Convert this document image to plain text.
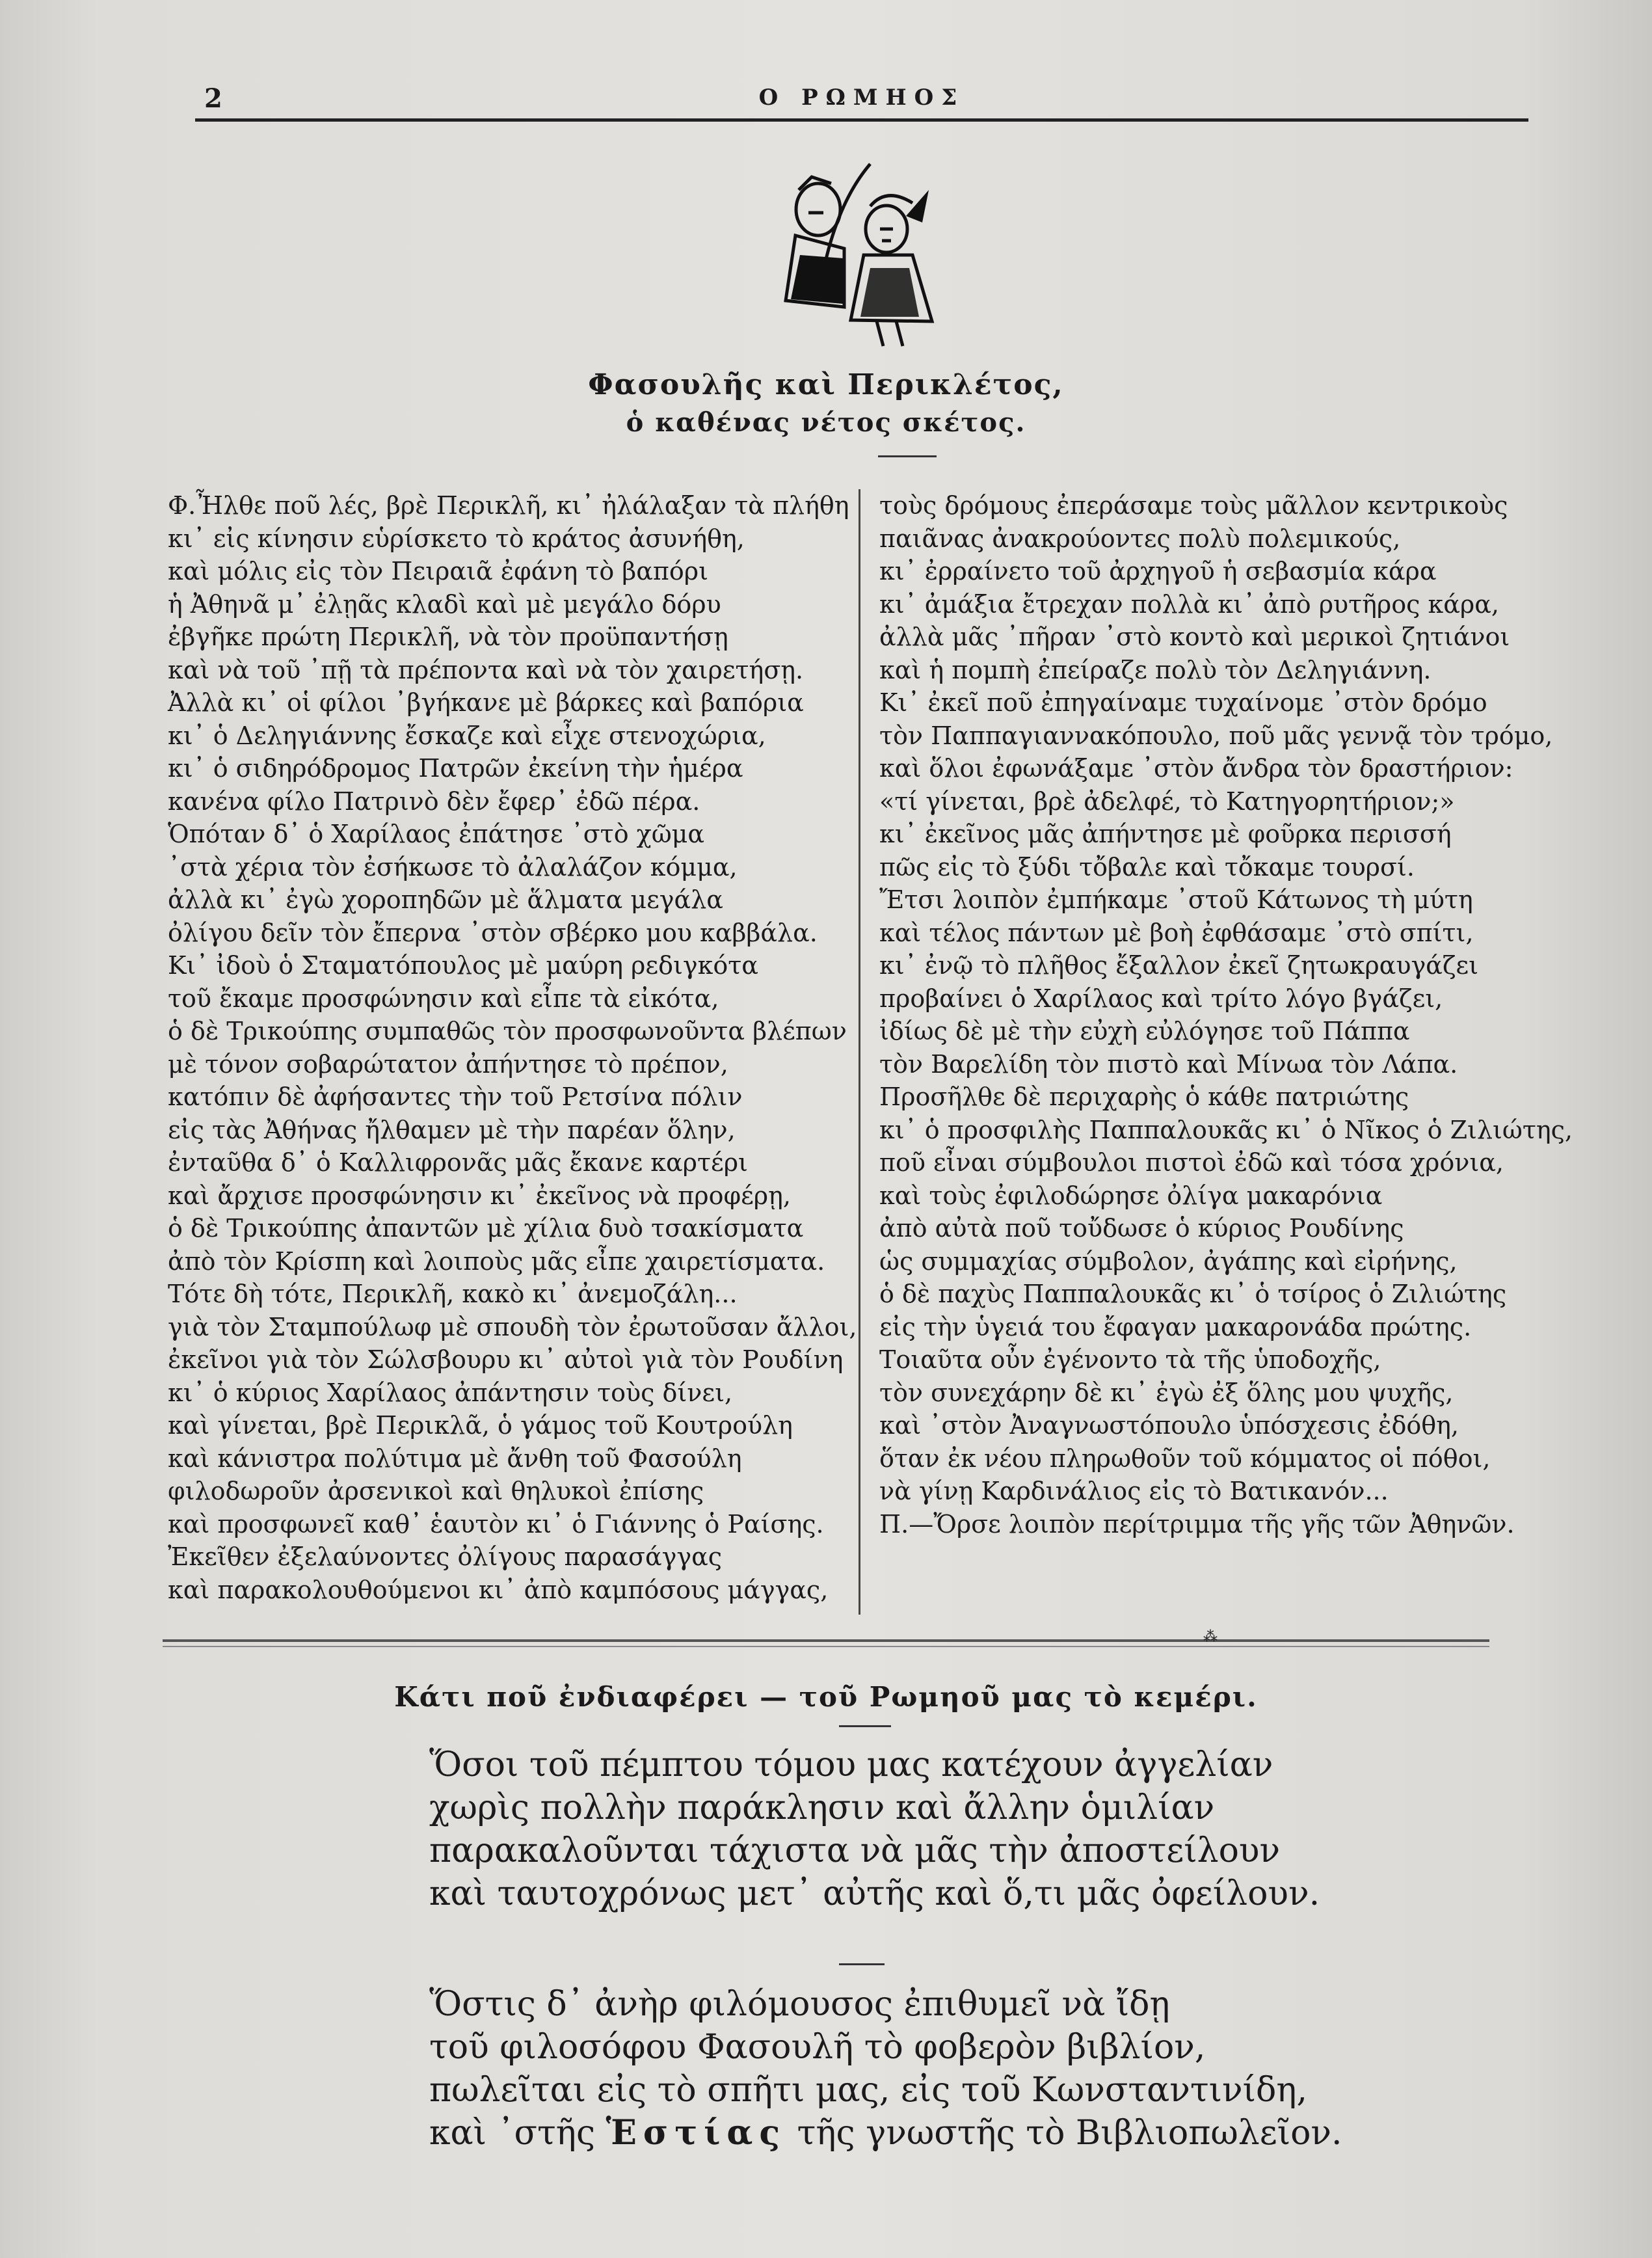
2	Ο ΡΩΜΗΟΣ
Φασουλῆς καὶ Περικλέτος,
ὁ καθένας νέτος σκέτος.
Φ.Ἦλθε ποῦ λές, βρὲ Περικλῆ, κι᾿ ἠλάλαξαν τὰ πλήθη
κι᾿ εἰς κίνησιν εὑρίσκετο τὸ κράτος ἀσυνήθη,
καὶ μόλις εἰς τὸν Πειραιᾶ ἐφάνη τὸ βαπόρι
ἡ Ἀθηνᾶ μ᾿ ἐλῃᾶς κλαδὶ καὶ μὲ μεγάλο δόρυ
ἐβγῆκε πρώτη Περικλῆ, νὰ τὸν προϋπαντήσῃ
καὶ νὰ τοῦ ᾽πῇ τὰ πρέποντα καὶ νὰ τὸν χαιρετήσῃ.
Ἀλλὰ κι᾿ οἱ φίλοι ᾽βγήκανε μὲ βάρκες καὶ βαπόρια
κι᾿ ὁ Δεληγιάννης ἔσκαζε καὶ εἶχε στενοχώρια,
κι᾿ ὁ σιδηρόδρομος Πατρῶν ἐκείνη τὴν ἡμέρα
κανένα φίλο Πατρινὸ δὲν ἔφερ᾿ ἐδῶ πέρα.
Ὁπόταν δ᾿ ὁ Χαρίλαος ἐπάτησε ᾽στὸ χῶμα
᾽στὰ χέρια τὸν ἐσήκωσε τὸ ἀλαλάζον κόμμα,
ἀλλὰ κι᾿ ἐγὼ χοροπηδῶν μὲ ἅλματα μεγάλα
ὀλίγου δεῖν τὸν ἔπερνα ᾽στὸν σβέρκο μου καββάλα.
Κι᾿ ἰδοὺ ὁ Σταματόπουλος μὲ μαύρη ρεδιγκότα
τοῦ ἔκαμε προσφώνησιν καὶ εἶπε τὰ εἰκότα,
ὁ δὲ Τρικούπης συμπαθῶς τὸν προσφωνοῦντα βλέπων
μὲ τόνον σοβαρώτατον ἀπήντησε τὸ πρέπον,
κατόπιν δὲ ἀφήσαντες τὴν τοῦ Ρετσίνα πόλιν
εἰς τὰς Ἀθήνας ἤλθαμεν μὲ τὴν παρέαν ὅλην,
ἐνταῦθα δ᾿ ὁ Καλλιφρονᾶς μᾶς ἔκανε καρτέρι
καὶ ἄρχισε προσφώνησιν κι᾿ ἐκεῖνος νὰ προφέρῃ,
ὁ δὲ Τρικούπης ἀπαντῶν μὲ χίλια δυὸ τσακίσματα
ἀπὸ τὸν Κρίσπη καὶ λοιποὺς μᾶς εἶπε χαιρετίσματα.
Τότε δὴ τότε, Περικλῆ, κακὸ κι᾿ ἀνεμοζάλη...
γιὰ τὸν Σταμπούλωφ μὲ σπουδὴ τὸν ἐρωτοῦσαν ἄλλοι,
ἐκεῖνοι γιὰ τὸν Σώλσβουρυ κι᾿ αὐτοὶ γιὰ τὸν Ρουδίνη
κι᾿ ὁ κύριος Χαρίλαος ἀπάντησιν τοὺς δίνει,
καὶ γίνεται, βρὲ Περικλᾶ, ὁ γάμος τοῦ Κουτρούλη
καὶ κάνιστρα πολύτιμα μὲ ἄνθη τοῦ Φασούλη
φιλοδωροῦν ἀρσενικοὶ καὶ θηλυκοὶ ἐπίσης
καὶ προσφωνεῖ καθ᾿ ἑαυτὸν κι᾿ ὁ Γιάννης ὁ Ραίσης.
Ἐκεῖθεν ἐξελαύνοντες ὀλίγους παρασάγγας
καὶ παρακολουθούμενοι κι᾿ ἀπὸ καμπόσους μάγγας,
τοὺς δρόμους ἐπεράσαμε τοὺς μᾶλλον κεντρικοὺς
παιᾶνας ἀνακρούοντες πολὺ πολεμικούς,
κι᾿ ἐρραίνετο τοῦ ἀρχηγοῦ ἡ σεβασμία κάρα
κι᾿ ἀμάξια ἔτρεχαν πολλὰ κι᾿ ἀπὸ ρυτῆρος κάρα,
ἀλλὰ μᾶς ᾽πῆραν ᾽στὸ κοντὸ καὶ μερικοὶ ζητιάνοι
καὶ ἡ πομπὴ ἐπείραζε πολὺ τὸν Δεληγιάννη.
Κι᾿ ἐκεῖ ποῦ ἐπηγαίναμε τυχαίνομε ᾽στὸν δρόμο
τὸν Παππαγιαννακόπουλο, ποῦ μᾶς γεννᾷ τὸν τρόμο,
καὶ ὅλοι ἐφωνάξαμε ᾽στὸν ἄνδρα τὸν δραστήριον:
«τί γίνεται, βρὲ ἀδελφέ, τὸ Κατηγορητήριον;»
κι᾿ ἐκεῖνος μᾶς ἀπήντησε μὲ φοῦρκα περισσή
πῶς εἰς τὸ ξύδι τὄβαλε καὶ τὄκαμε τουρσί.
Ἔτσι λοιπὸν ἐμπήκαμε ᾽στοῦ Κάτωνος τὴ μύτη
καὶ τέλος πάντων μὲ βοὴ ἐφθάσαμε ᾽στὸ σπίτι,
κι᾿ ἐνῷ τὸ πλῆθος ἔξαλλον ἐκεῖ ζητωκραυγάζει
προβαίνει ὁ Χαρίλαος καὶ τρίτο λόγο βγάζει,
ἰδίως δὲ μὲ τὴν εὐχὴ εὐλόγησε τοῦ Πάππα
τὸν Βαρελίδη τὸν πιστὸ καὶ Μίνωα τὸν Λάπα.
Προσῆλθε δὲ περιχαρὴς ὁ κάθε πατριώτης
κι᾿ ὁ προσφιλὴς Παππαλουκᾶς κι᾿ ὁ Νῖκος ὁ Ζιλιώτης,
ποῦ εἶναι σύμβουλοι πιστοὶ ἐδῶ καὶ τόσα χρόνια,
καὶ τοὺς ἐφιλοδώρησε ὀλίγα μακαρόνια
ἀπὸ αὐτὰ ποῦ τοὔδωσε ὁ κύριος Ρουδίνης
ὡς συμμαχίας σύμβολον, ἀγάπης καὶ εἰρήνης,
ὁ δὲ παχὺς Παππαλουκᾶς κι᾿ ὁ τσίρος ὁ Ζιλιώτης
εἰς τὴν ὑγειά του ἔφαγαν μακαρονάδα πρώτης.
Τοιαῦτα οὖν ἐγένοντο τὰ τῆς ὑποδοχῆς,
τὸν συνεχάρην δὲ κι᾿ ἐγὼ ἐξ ὅλης μου ψυχῆς,
καὶ ᾽στὸν Ἀναγνωστόπουλο ὑπόσχεσις ἐδόθη,
ὅταν ἐκ νέου πληρωθοῦν τοῦ κόμματος οἱ πόθοι,
νὰ γίνῃ Καρδινάλιος εἰς τὸ Βατικανόν...
Π.—Ὄρσε λοιπὸν περίτριμμα τῆς γῆς τῶν Ἀθηνῶν.
⁂
Κάτι ποῦ ἐνδιαφέρει — τοῦ Ρωμηοῦ μας τὸ κεμέρι.
Ὅσοι τοῦ πέμπτου τόμου μας κατέχουν ἀγγελίαν
χωρὶς πολλὴν παράκλησιν καὶ ἄλλην ὁμιλίαν
παρακαλοῦνται τάχιστα νὰ μᾶς τὴν ἀποστείλουν
καὶ ταυτοχρόνως μετ᾿ αὐτῆς καὶ ὅ,τι μᾶς ὀφείλουν.
Ὅστις δ᾿ ἀνὴρ φιλόμουσος ἐπιθυμεῖ νὰ ἴδῃ
τοῦ φιλοσόφου Φασουλῆ τὸ φοβερὸν βιβλίον,
πωλεῖται εἰς τὸ σπῆτι μας, εἰς τοῦ Κωνσταντινίδη,
καὶ ᾽στῆς Ἑστίας τῆς γνωστῆς τὸ Βιβλιοπωλεῖον.
